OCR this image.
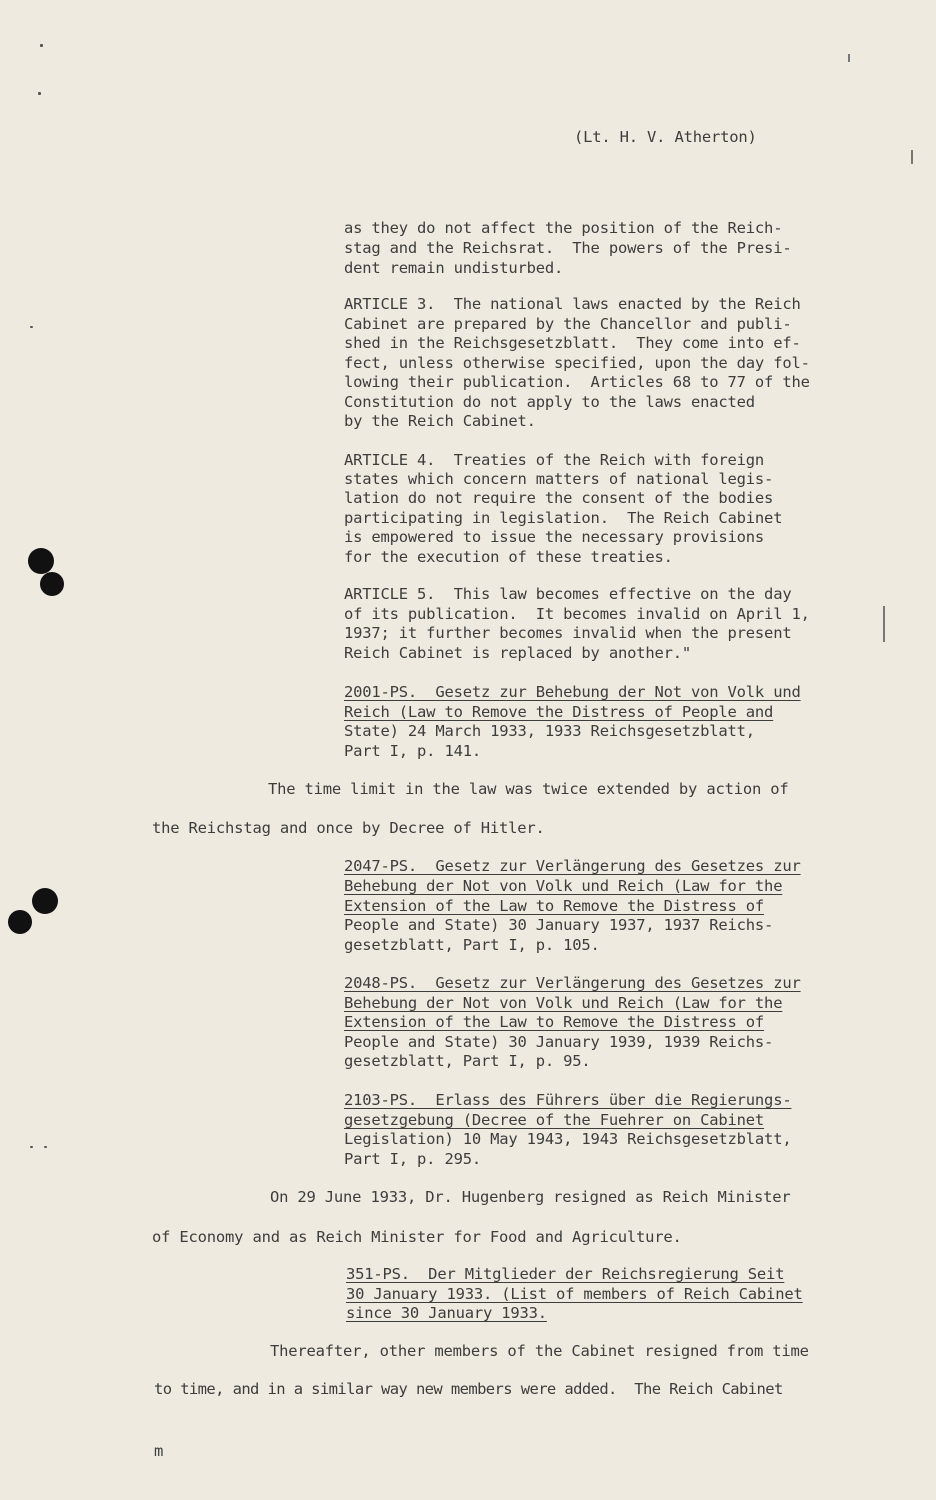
(Lt. H. V. Atherton)
as they do not affect the position of the Reich-
stag and the Reichsrat.  The powers of the Presi-
dent remain undisturbed.
ARTICLE 3.  The national laws enacted by the Reich
Cabinet are prepared by the Chancellor and publi-
shed in the Reichsgesetzblatt.  They come into ef-
fect, unless otherwise specified, upon the day fol-
lowing their publication.  Articles 68 to 77 of the
Constitution do not apply to the laws enacted
by the Reich Cabinet.
ARTICLE 4.  Treaties of the Reich with foreign
states which concern matters of national legis-
lation do not require the consent of the bodies
participating in legislation.  The Reich Cabinet
is empowered to issue the necessary provisions
for the execution of these treaties.
ARTICLE 5.  This law becomes effective on the day
of its publication.  It becomes invalid on April 1,
1937; it further becomes invalid when the present
Reich Cabinet is replaced by another."
2001-PS.  Gesetz zur Behebung der Not von Volk und
Reich (Law to Remove the Distress of People and
State) 24 March 1933, 1933 Reichsgesetzblatt,
Part I, p. 141.
The time limit in the law was twice extended by action of
the Reichstag and once by Decree of Hitler.
2047-PS.  Gesetz zur Verlängerung des Gesetzes zur
Behebung der Not von Volk und Reich (Law for the
Extension of the Law to Remove the Distress of
People and State) 30 January 1937, 1937 Reichs-
gesetzblatt, Part I, p. 105.
2048-PS.  Gesetz zur Verlängerung des Gesetzes zur
Behebung der Not von Volk und Reich (Law for the
Extension of the Law to Remove the Distress of
People and State) 30 January 1939, 1939 Reichs-
gesetzblatt, Part I, p. 95.
2103-PS.  Erlass des Führers über die Regierungs-
gesetzgebung (Decree of the Fuehrer on Cabinet
Legislation) 10 May 1943, 1943 Reichsgesetzblatt,
Part I, p. 295.
On 29 June 1933, Dr. Hugenberg resigned as Reich Minister
of Economy and as Reich Minister for Food and Agriculture.
351-PS.  Der Mitglieder der Reichsregierung Seit
30 January 1933. (List of members of Reich Cabinet
since 30 January 1933.
Thereafter, other members of the Cabinet resigned from time
to time, and in a similar way new members were added.  The Reich Cabinet
m
